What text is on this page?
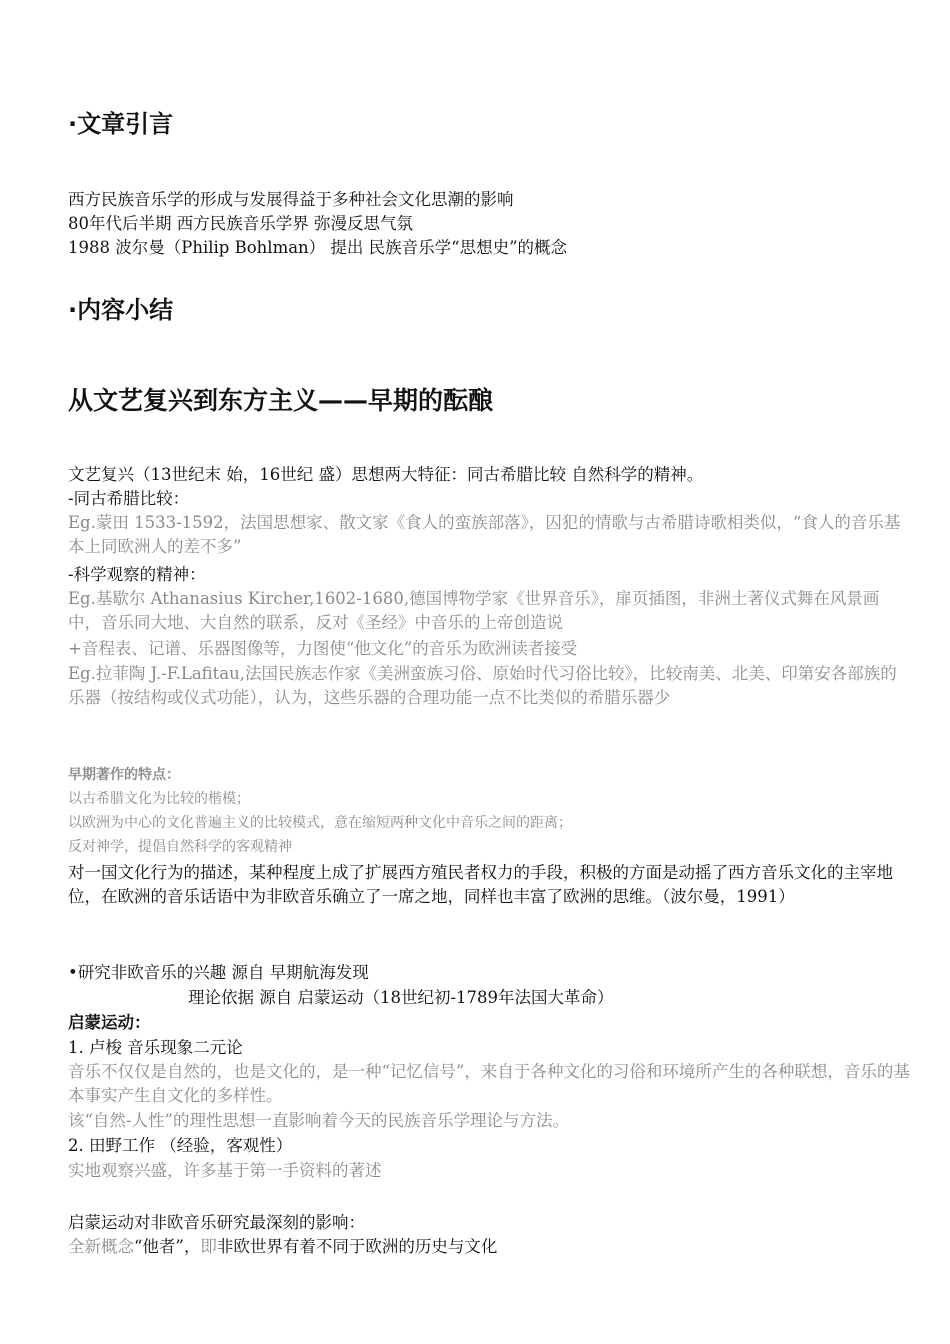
·文章引言

西方民族音乐学的形成与发展得益于多种社会文化思潮的影响

80年代后半期 西方民族音乐学界 弥漫反思气氛

1988 波尔曼（Philip Bohlman） 提出 民族音乐学“思想史”的概念

·内容小结
从文艺复兴到东方主义——早期的酝酿

文艺复兴（13世纪末 始，16世纪 盛）思想两大特征：同古希腊比较 自然科学的精神。

-同古希腊比较：

Eg.蒙田 1533-1592，法国思想家、散文家《食人的蛮族部落》，囚犯的情歌与古希腊诗歌相类似，“食人的音乐基本上同欧洲人的差不多”

-科学观察的精神：

Eg.基歇尔 Athanasius Kircher,1602-1680,德国博物学家《世界音乐》，扉页插图，非洲土著仪式舞在风景画中，音乐同大地、大自然的联系，反对《圣经》中音乐的上帝创造说

+音程表、记谱、乐器图像等，力图使“他文化”的音乐为欧洲读者接受

Eg.拉菲陶 J.-F.Lafitau,法国民族志作家《美洲蛮族习俗、原始时代习俗比较》，比较南美、北美、印第安各部族的乐器（按结构或仪式功能），认为，这些乐器的合理功能一点不比类似的希腊乐器少

早期著作的特点：

以古希腊文化为比较的楷模；

以欧洲为中心的文化普遍主义的比较模式，意在缩短两种文化中音乐之间的距离；

反对神学，提倡自然科学的客观精神

对一国文化行为的描述，某种程度上成了扩展西方殖民者权力的手段，积极的方面是动摇了西方音乐文化的主宰地位，在欧洲的音乐话语中为非欧音乐确立了一席之地，同样也丰富了欧洲的思维。（波尔曼，1991）

•研究非欧音乐的兴趣 源自 早期航海发现

理论依据 源自 启蒙运动（18世纪初-1789年法国大革命）

启蒙运动：

1. 卢梭 音乐现象二元论

音乐不仅仅是自然的，也是文化的，是一种“记忆信号”，来自于各种文化的习俗和环境所产生的各种联想，音乐的基本事实产生自文化的多样性。

该“自然-人性”的理性思想一直影响着今天的民族音乐学理论与方法。

2. 田野工作 （经验，客观性）

实地观察兴盛，许多基于第一手资料的著述

启蒙运动对非欧音乐研究最深刻的影响：

全新概念“他者”，即非欧世界有着不同于欧洲的历史与文化
